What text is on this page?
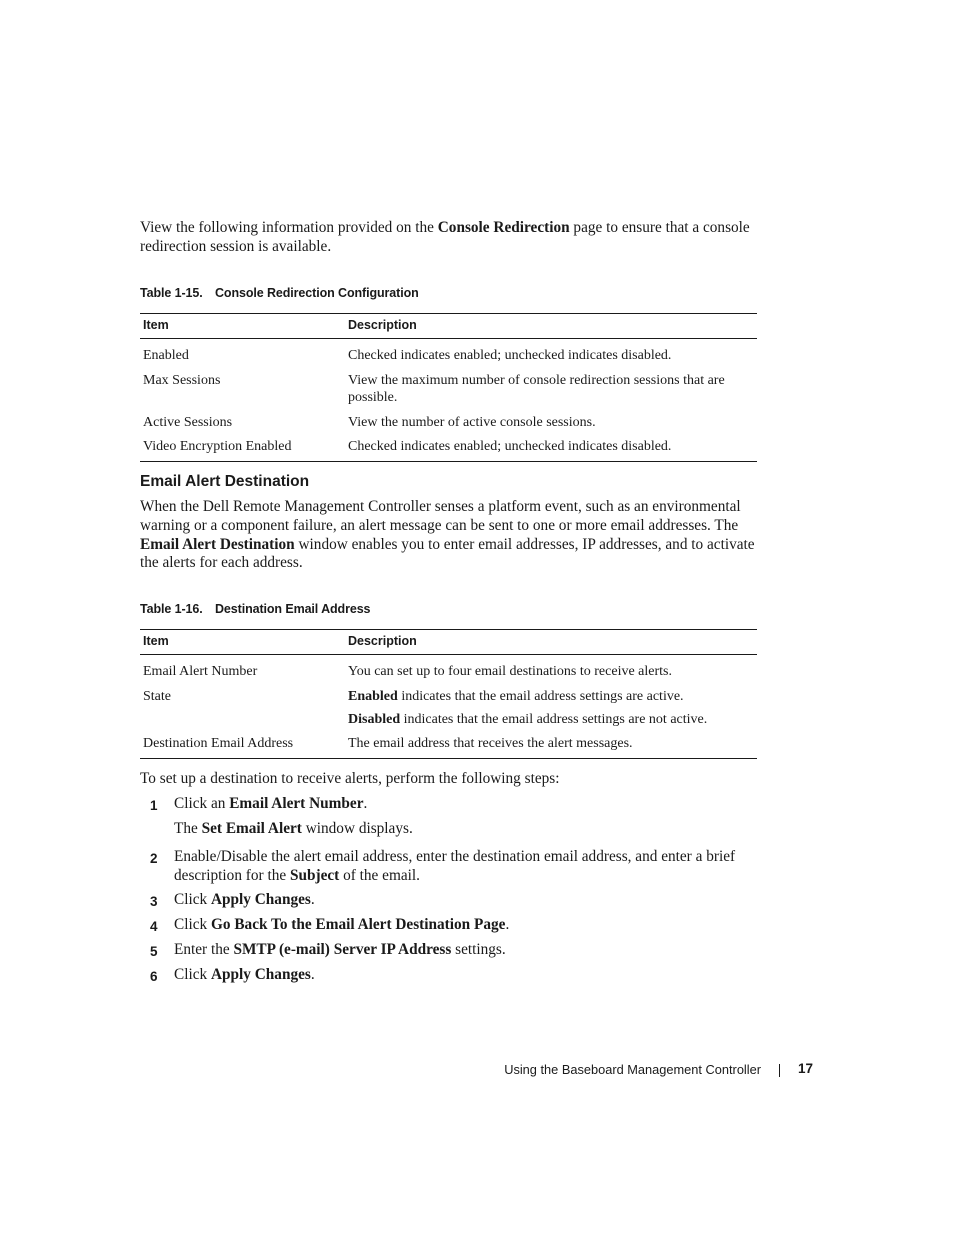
View the following information provided on the Console Redirection page to ensure that a console redirection session is available.
Table 1-15. Console Redirection Configuration
Item	Description
Enabled	Checked indicates enabled; unchecked indicates disabled.
Max Sessions	View the maximum number of console redirection sessions that are possible.
Active Sessions	View the number of active console sessions.
Video Encryption Enabled	Checked indicates enabled; unchecked indicates disabled.
Email Alert Destination
When the Dell Remote Management Controller senses a platform event, such as an environmental warning or a component failure, an alert message can be sent to one or more email addresses. The Email Alert Destination window enables you to enter email addresses, IP addresses, and to activate the alerts for each address.
Table 1-16. Destination Email Address
Item	Description
Email Alert Number	You can set up to four email destinations to receive alerts.
State	Enabled indicates that the email address settings are active.
Disabled indicates that the email address settings are not active.

Destination Email Address	The email address that receives the alert messages.
To set up a destination to receive alerts, perform the following steps:
1 Click an Email Alert Number.
The Set Email Alert window displays.
2 Enable/Disable the alert email address, enter the destination email address, and enter a brief description for the Subject of the email.
3 Click Apply Changes.
4 Click Go Back To the Email Alert Destination Page.
5 Enter the SMTP (e-mail) Server IP Address settings.
6 Click Apply Changes.
Using the Baseboard Management Controller	17
